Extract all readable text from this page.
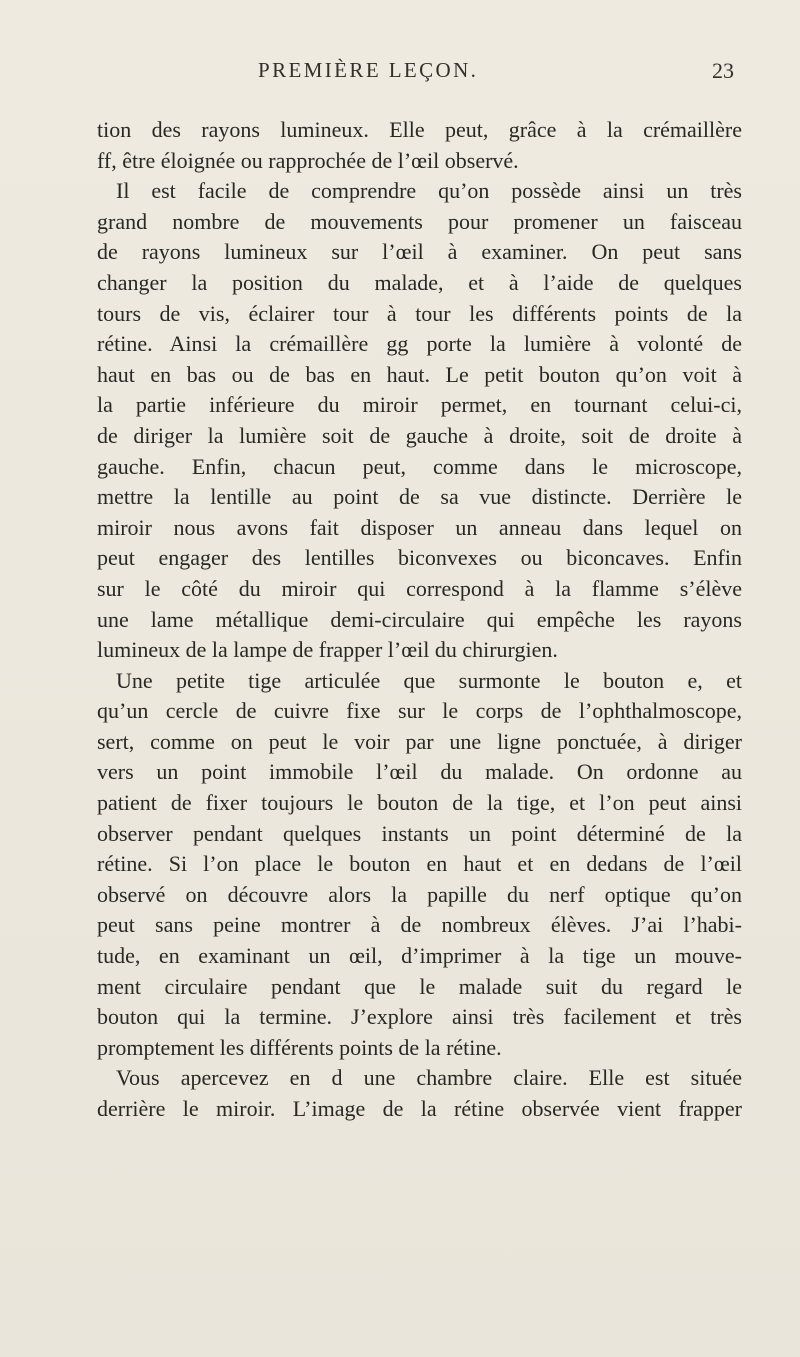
PREMIÈRE LEÇON.	23
tion des rayons lumineux. Elle peut, grâce à la crémaillère
ff, être éloignée ou rapprochée de l’œil observé.
Il est facile de comprendre qu’on possède ainsi un très
grand nombre de mouvements pour promener un faisceau
de rayons lumineux sur l’œil à examiner. On peut sans
changer la position du malade, et à l’aide de quelques
tours de vis, éclairer tour à tour les différents points de la
rétine. Ainsi la crémaillère gg porte la lumière à volonté de
haut en bas ou de bas en haut. Le petit bouton qu’on voit à
la partie inférieure du miroir permet, en tournant celui-ci,
de diriger la lumière soit de gauche à droite, soit de droite à
gauche. Enfin, chacun peut, comme dans le microscope,
mettre la lentille au point de sa vue distincte. Derrière le
miroir nous avons fait disposer un anneau dans lequel on
peut engager des lentilles biconvexes ou biconcaves. Enfin
sur le côté du miroir qui correspond à la flamme s’élève
une lame métallique demi-circulaire qui empêche les rayons
lumineux de la lampe de frapper l’œil du chirurgien.
Une petite tige articulée que surmonte le bouton e, et
qu’un cercle de cuivre fixe sur le corps de l’ophthalmoscope,
sert, comme on peut le voir par une ligne ponctuée, à diriger
vers un point immobile l’œil du malade. On ordonne au
patient de fixer toujours le bouton de la tige, et l’on peut ainsi
observer pendant quelques instants un point déterminé de la
rétine. Si l’on place le bouton en haut et en dedans de l’œil
observé on découvre alors la papille du nerf optique qu’on
peut sans peine montrer à de nombreux élèves. J’ai l’habi-
tude, en examinant un œil, d’imprimer à la tige un mouve-
ment circulaire pendant que le malade suit du regard le
bouton qui la termine. J’explore ainsi très facilement et très
promptement les différents points de la rétine.
Vous apercevez en d une chambre claire. Elle est située
derrière le miroir. L’image de la rétine observée vient frapper
